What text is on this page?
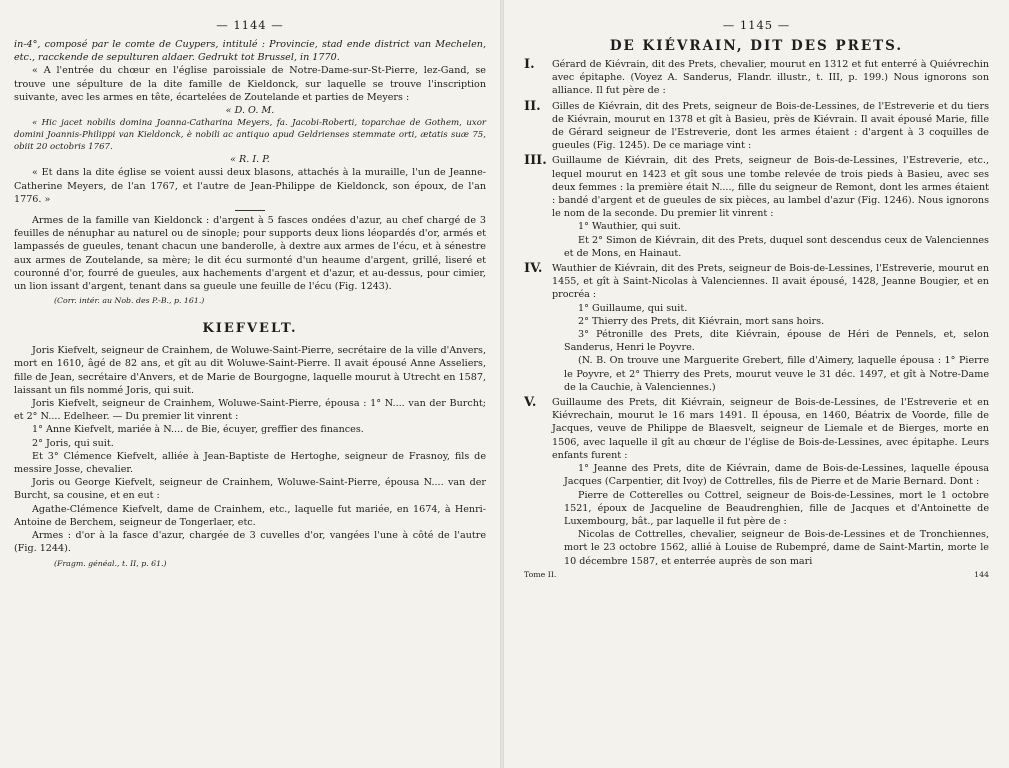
— 1144 —

in-4°, composé par le comte de Cuypers, intitulé : Provincie, stad ende district van Mechelen, etc., racckende de sepulturen aldaer. Gedrukt tot Brussel, in 1770.

« A l'entrée du chœur en l'église paroissiale de Notre-Dame-sur-St-Pierre, lez-Gand, se trouve une sépulture de la dite famille de Kieldonck, sur laquelle se trouve l'inscription suivante, avec les armes en tête, écartelées de Zoutelande et parties de Meyers :

« D. O. M.

« Hic jacet nobilis domina Joanna-Catharina Meyers, fa. Jacobi-Roberti, toparchae de Gothem, uxor domini Joannis-Philippi van Kieldonck, è nobili ac antiquo apud Geldrienses stemmate orti, ætatis suæ 75, obiit 20 octobris 1767.

« R. I. P.

« Et dans la dite église se voient aussi deux blasons, attachés à la muraille, l'un de Jeanne-Catherine Meyers, de l'an 1767, et l'autre de Jean-Philippe de Kieldonck, son époux, de l'an 1776. »

Armes de la famille van Kieldonck : d'argent à 5 fasces ondées d'azur, au chef chargé de 3 feuilles de nénuphar au naturel ou de sinople; pour supports deux lions léopardés d'or, armés et lampassés de gueules, tenant chacun une banderolle, à dextre aux armes de l'écu, et à sénestre aux armes de Zoutelande, sa mère; le dit écu surmonté d'un heaume d'argent, grillé, liseré et couronné d'or, fourré de gueules, aux hachements d'argent et d'azur, et au-dessus, pour cimier, un lion issant d'argent, tenant dans sa gueule une feuille de l'écu (Fig. 1243).

(Corr. intér. au Nob. des P.-B., p. 161.)

KIEFVELT.

Joris Kiefvelt, seigneur de Crainhem, de Woluwe-Saint-Pierre, secrétaire de la ville d'Anvers, mort en 1610, âgé de 82 ans, et gît au dit Woluwe-Saint-Pierre. Il avait épousé Anne Asseliers, fille de Jean, secrétaire d'Anvers, et de Marie de Bourgogne, laquelle mourut à Utrecht en 1587, laissant un fils nommé Joris, qui suit.

Joris Kiefvelt, seigneur de Crainhem, Woluwe-Saint-Pierre, épousa : 1° N.... van der Burcht; et 2° N.... Edelheer. — Du premier lit vinrent :

1° Anne Kiefvelt, mariée à N.... de Bie, écuyer, greffier des finances.

2° Joris, qui suit.

Et 3° Clémence Kiefvelt, alliée à Jean-Baptiste de Hertoghe, seigneur de Frasnoy, fils de messire Josse, chevalier.

Joris ou George Kiefvelt, seigneur de Crainhem, Woluwe-Saint-Pierre, épousa N.... van der Burcht, sa cousine, et en eut :

Agathe-Clémence Kiefvelt, dame de Crainhem, etc., laquelle fut mariée, en 1674, à Henri-Antoine de Berchem, seigneur de Tongerlaer, etc.

Armes : d'or à la fasce d'azur, chargée de 3 cuvelles d'or, vangées l'une à côté de l'autre (Fig. 1244).

(Fragm. généal., t. II, p. 61.)

— 1145 —
DE KIÉVRAIN, DIT DES PRETS.
I.	Gérard de Kiévrain, dit des Prets, chevalier, mourut en 1312 et fut enterré à Quiévrechin avec épitaphe. (Voyez A. Sanderus, Flandr. illustr., t. III, p. 199.) Nous ignorons son alliance. Il fut père de :

II.	Gilles de Kiévrain, dit des Prets, seigneur de Bois-de-Lessines, de l'Estreverie et du tiers de Kiévrain, mourut en 1378 et gît à Basieu, près de Kiévrain. Il avait épousé Marie, fille de Gérard seigneur de l'Estreverie, dont les armes étaient : d'argent à 3 coquilles de gueules (Fig. 1245). De ce mariage vint :

III. Guillaume de Kiévrain, dit des Prets, seigneur de Bois-de-Lessines, l'Estreverie, etc., lequel mourut en 1423 et gît sous une tombe relevée de trois pieds à Basieu, avec ses deux femmes : la première était N...., fille du seigneur de Remont, dont les armes étaient : bandé d'argent et de gueules de six pièces, au lambel d'azur (Fig. 1246). Nous ignorons le nom de la seconde. Du premier lit vinrent :

1° Wauthier, qui suit.

Et 2° Simon de Kiévrain, dit des Prets, duquel sont descendus ceux de Valenciennes et de Mons, en Hainaut.

IV. Wauthier de Kiévrain, dit des Prets, seigneur de Bois-de-Lessines, l'Estreverie, mourut en 1455, et gît à Saint-Nicolas à Valenciennes. Il avait épousé, 1428, Jeanne Bougier, et en procréa :

1° Guillaume, qui suit.

2° Thierry des Prets, dit Kiévrain, mort sans hoirs.

3° Pétronille des Prets, dite Kiévrain, épouse de Héri de Pennels, et, selon Sanderus, Henri le Poyvre.

(N. B. On trouve une Marguerite Grebert, fille d'Aimery, laquelle épousa : 1° Pierre le Poyvre, et 2° Thierry des Prets, mourut veuve le 31 déc. 1497, et gît à Notre-Dame de la Cauchie, à Valenciennes.)

V.	Guillaume des Prets, dit Kiévrain, seigneur de Bois-de-Lessines, de l'Estreverie et en Kiévrechain, mourut le 16 mars 1491. Il épousa, en 1460, Béatrix de Voorde, fille de Jacques, veuve de Philippe de Blaesvelt, seigneur de Liemale et de Bierges, morte en 1506, avec laquelle il gît au chœur de l'église de Bois-de-Lessines, avec épitaphe. Leurs enfants furent :

1° Jeanne des Prets, dite de Kiévrain, dame de Bois-de-Lessines, laquelle épousa Jacques (Carpentier, dit Ivoy) de Cottrelles, fils de Pierre et de Marie Bernard. Dont :

Pierre de Cotterelles ou Cottrel, seigneur de Bois-de-Lessines, mort le 1 octobre 1521, époux de Jacqueline de Beaudrenghien, fille de Jacques et d'Antoinette de Luxembourg, bât., par laquelle il fut père de :

Nicolas de Cottrelles, chevalier, seigneur de Bois-de-Lessines et de Tronchiennes, mort le 23 octobre 1562, allié à Louise de Rubempré, dame de Saint-Martin, morte le 10 décembre 1587, et enterrée auprès de son mari

Tome II.	144
